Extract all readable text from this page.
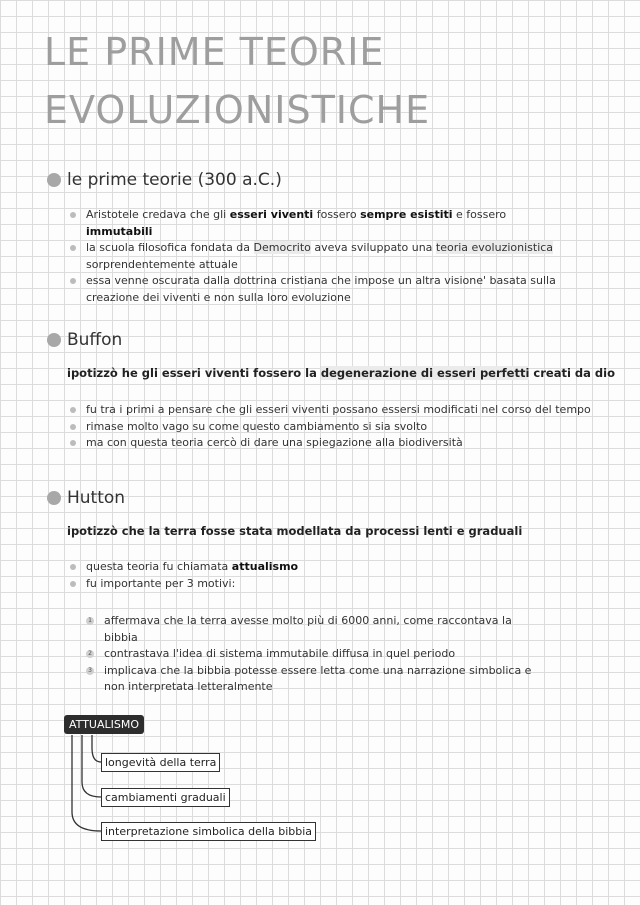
LE PRIME TEORIE
EVOLUZIONISTICHE
le prime teorie (300 a.C.)
Aristotele credava che gli esseri viventi fossero sempre esistiti e fossero immutabili
la scuola filosofica fondata da Democrito aveva sviluppato una teoria evoluzionistica sorprendentemente attuale
essa venne oscurata dalla dottrina cristiana che impose un altra visione' basata sulla creazione dei viventi e non sulla loro evoluzione
Buffon
ipotizzò he gli esseri viventi fossero la degenerazione di esseri perfetti creati da dio
fu tra i primi a pensare che gli esseri viventi possano essersi modificati nel corso del tempo
rimase molto vago su come questo cambiamento si sia svolto
ma con questa teoria cercò di dare una spiegazione alla biodiversità
Hutton
ipotizzò che la terra fosse stata modellata da processi lenti e graduali
questa teoria fu chiamata attualismo
fu importante per 3 motivi:
1 affermava che la terra avesse molto più di 6000 anni, come raccontava la bibbia
2 contrastava l'idea di sistema immutabile diffusa in quel periodo
3 implicava che la bibbia potesse essere letta come una narrazione simbolica e non interpretata letteralmente
ATTUALISMO
longevità della terra
cambiamenti graduali
interpretazione simbolica della bibbia
